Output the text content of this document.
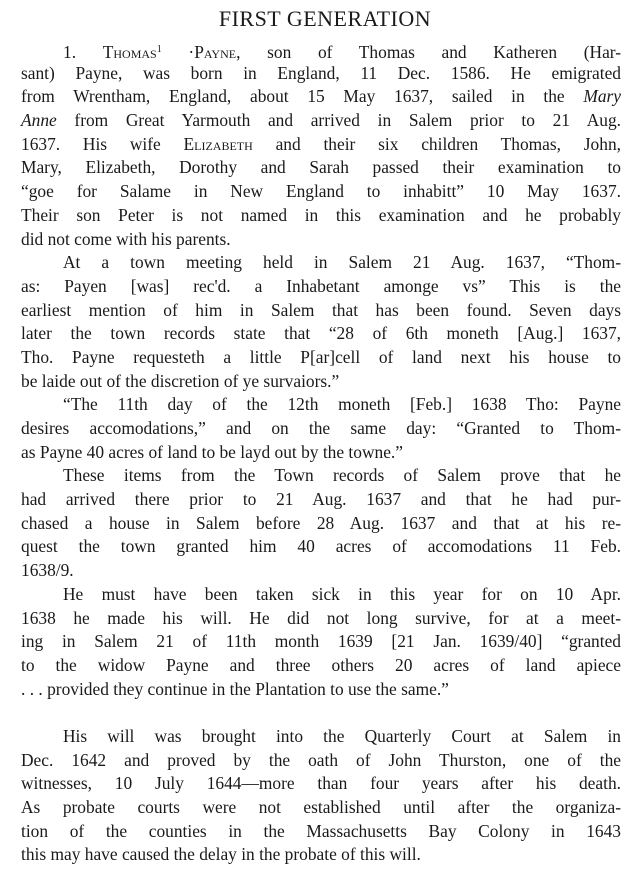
FIRST GENERATION
1. Thomas$^1$ ·Payne, son of Thomas and Katheren (Har-
sant) Payne, was born in England, 11 Dec. 1586. He emigrated
from Wrentham, England, about 15 May 1637, sailed in the Mary
Anne from Great Yarmouth and arrived in Salem prior to 21 Aug.
1637. His wife Elizabeth and their six children Thomas, John,
Mary, Elizabeth, Dorothy and Sarah passed their examination to
“goe for Salame in New England to inhabitt” 10 May 1637.
Their son Peter is not named in this examination and he probably
did not come with his parents.
At a town meeting held in Salem 21 Aug. 1637, “Thom-
as: Payen [was] rec'd. a Inhabetant amonge vs” This is the
earliest mention of him in Salem that has been found. Seven days
later the town records state that “28 of 6th moneth [Aug.] 1637,
Tho. Payne requesteth a little P[ar]cell of land next his house to
be laide out of the discretion of ye survaiors.”
“The 11th day of the 12th moneth [Feb.] 1638 Tho: Payne
desires accomodations,” and on the same day: “Granted to Thom-
as Payne 40 acres of land to be layd out by the towne.”
These items from the Town records of Salem prove that he
had arrived there prior to 21 Aug. 1637 and that he had pur-
chased a house in Salem before 28 Aug. 1637 and that at his re-
quest the town granted him 40 acres of accomodations 11 Feb.
1638/9.
He must have been taken sick in this year for on 10 Apr.
1638 he made his will. He did not long survive, for at a meet-
ing in Salem 21 of 11th month 1639 [21 Jan. 1639/40] “granted
to the widow Payne and three others 20 acres of land apiece
. . . provided they continue in the Plantation to use the same.”
His will was brought into the Quarterly Court at Salem in
Dec. 1642 and proved by the oath of John Thurston, one of the
witnesses, 10 July 1644—more than four years after his death.
As probate courts were not established until after the organiza-
tion of the counties in the Massachusetts Bay Colony in 1643
this may have caused the delay in the probate of this will.
